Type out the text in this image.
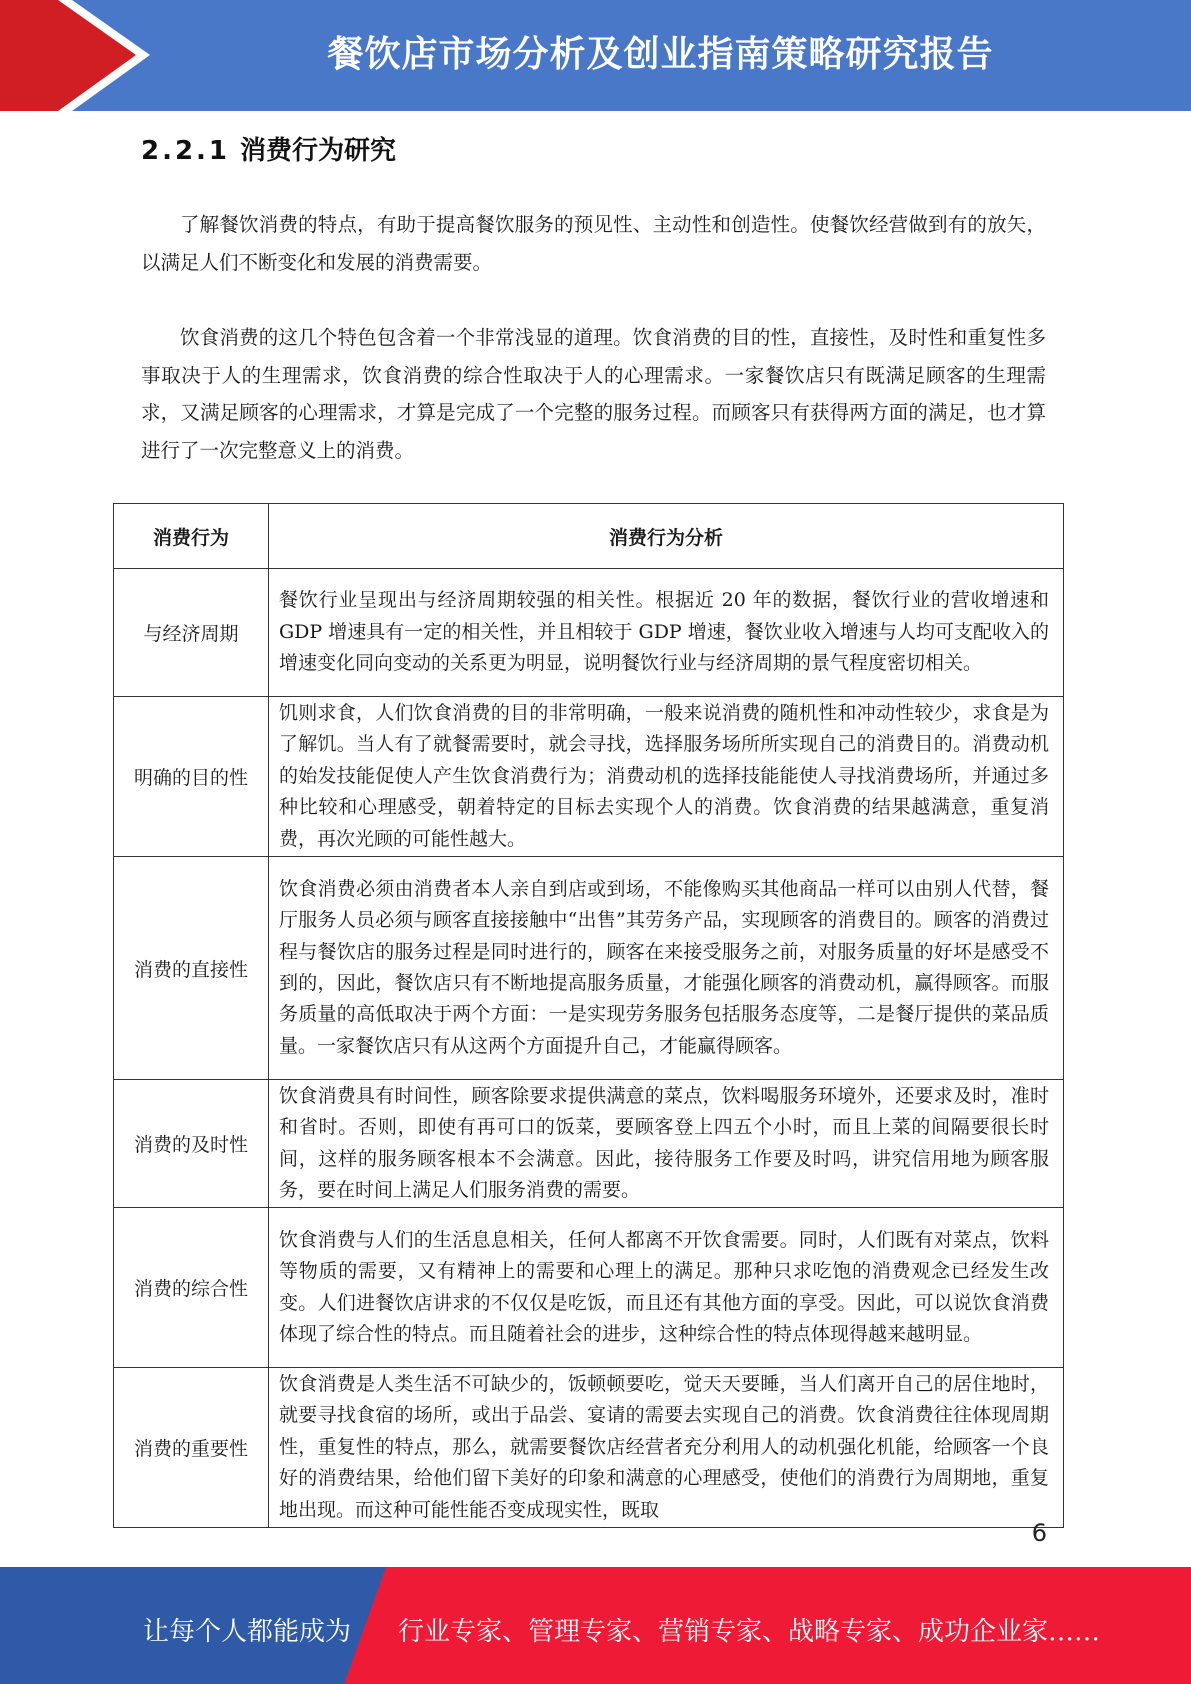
餐饮店市场分析及创业指南策略研究报告
2.2.1 消费行为研究

了解餐饮消费的特点，有助于提高餐饮服务的预见性、主动性和创造性。使餐饮经营做到有的放矢，以满足人们不断变化和发展的消费需要。

饮食消费的这几个特色包含着一个非常浅显的道理。饮食消费的目的性，直接性，及时性和重复性多事取决于人的生理需求，饮食消费的综合性取决于人的心理需求。一家餐饮店只有既满足顾客的生理需求，又满足顾客的心理需求，才算是完成了一个完整的服务过程。而顾客只有获得两方面的满足，也才算进行了一次完整意义上的消费。

消费行为	消费行为分析
与经济周期	餐饮行业呈现出与经济周期较强的相关性。根据近 20 年的数据，餐饮行业的营收增速和 GDP 增速具有一定的相关性，并且相较于 GDP 增速，餐饮业收入增速与人均可支配收入的增速变化同向变动的关系更为明显，说明餐饮行业与经济周期的景气程度密切相关。
明确的目的性	饥则求食，人们饮食消费的目的非常明确，一般来说消费的随机性和冲动性较少，求食是为了解饥。当人有了就餐需要时，就会寻找，选择服务场所所实现自己的消费目的。消费动机的始发技能促使人产生饮食消费行为；消费动机的选择技能能使人寻找消费场所，并通过多种比较和心理感受，朝着特定的目标去实现个人的消费。饮食消费的结果越满意，重复消费，再次光顾的可能性越大。
消费的直接性	饮食消费必须由消费者本人亲自到店或到场，不能像购买其他商品一样可以由别人代替，餐厅服务人员必须与顾客直接接触中“出售”其劳务产品，实现顾客的消费目的。顾客的消费过程与餐饮店的服务过程是同时进行的，顾客在来接受服务之前，对服务质量的好坏是感受不到的，因此，餐饮店只有不断地提高服务质量，才能强化顾客的消费动机，赢得顾客。而服务质量的高低取决于两个方面：一是实现劳务服务包括服务态度等，二是餐厅提供的菜品质量。一家餐饮店只有从这两个方面提升自己，才能赢得顾客。
消费的及时性	饮食消费具有时间性，顾客除要求提供满意的菜点，饮料喝服务环境外，还要求及时，准时和省时。否则，即使有再可口的饭菜，要顾客登上四五个小时，而且上菜的间隔要很长时间，这样的服务顾客根本不会满意。因此，接待服务工作要及时吗，讲究信用地为顾客服务，要在时间上满足人们服务消费的需要。
消费的综合性	饮食消费与人们的生活息息相关，任何人都离不开饮食需要。同时，人们既有对菜点，饮料等物质的需要，又有精神上的需要和心理上的满足。那种只求吃饱的消费观念已经发生改变。人们进餐饮店讲求的不仅仅是吃饭，而且还有其他方面的享受。因此，可以说饮食消费体现了综合性的特点。而且随着社会的进步，这种综合性的特点体现得越来越明显。
消费的重要性	饮食消费是人类生活不可缺少的，饭顿顿要吃，觉天天要睡，当人们离开自己的居住地时，就要寻找食宿的场所，或出于品尝、宴请的需要去实现自己的消费。饮食消费往往体现周期性，重复性的特点，那么，就需要餐饮店经营者充分利用人的动机强化机能，给顾客一个良好的消费结果，给他们留下美好的印象和满意的心理感受，使他们的消费行为周期地，重复地出现。而这种可能性能否变成现实性，既取
6
让每个人都能成为 行业专家、管理专家、营销专家、战略专家、成功企业家……
